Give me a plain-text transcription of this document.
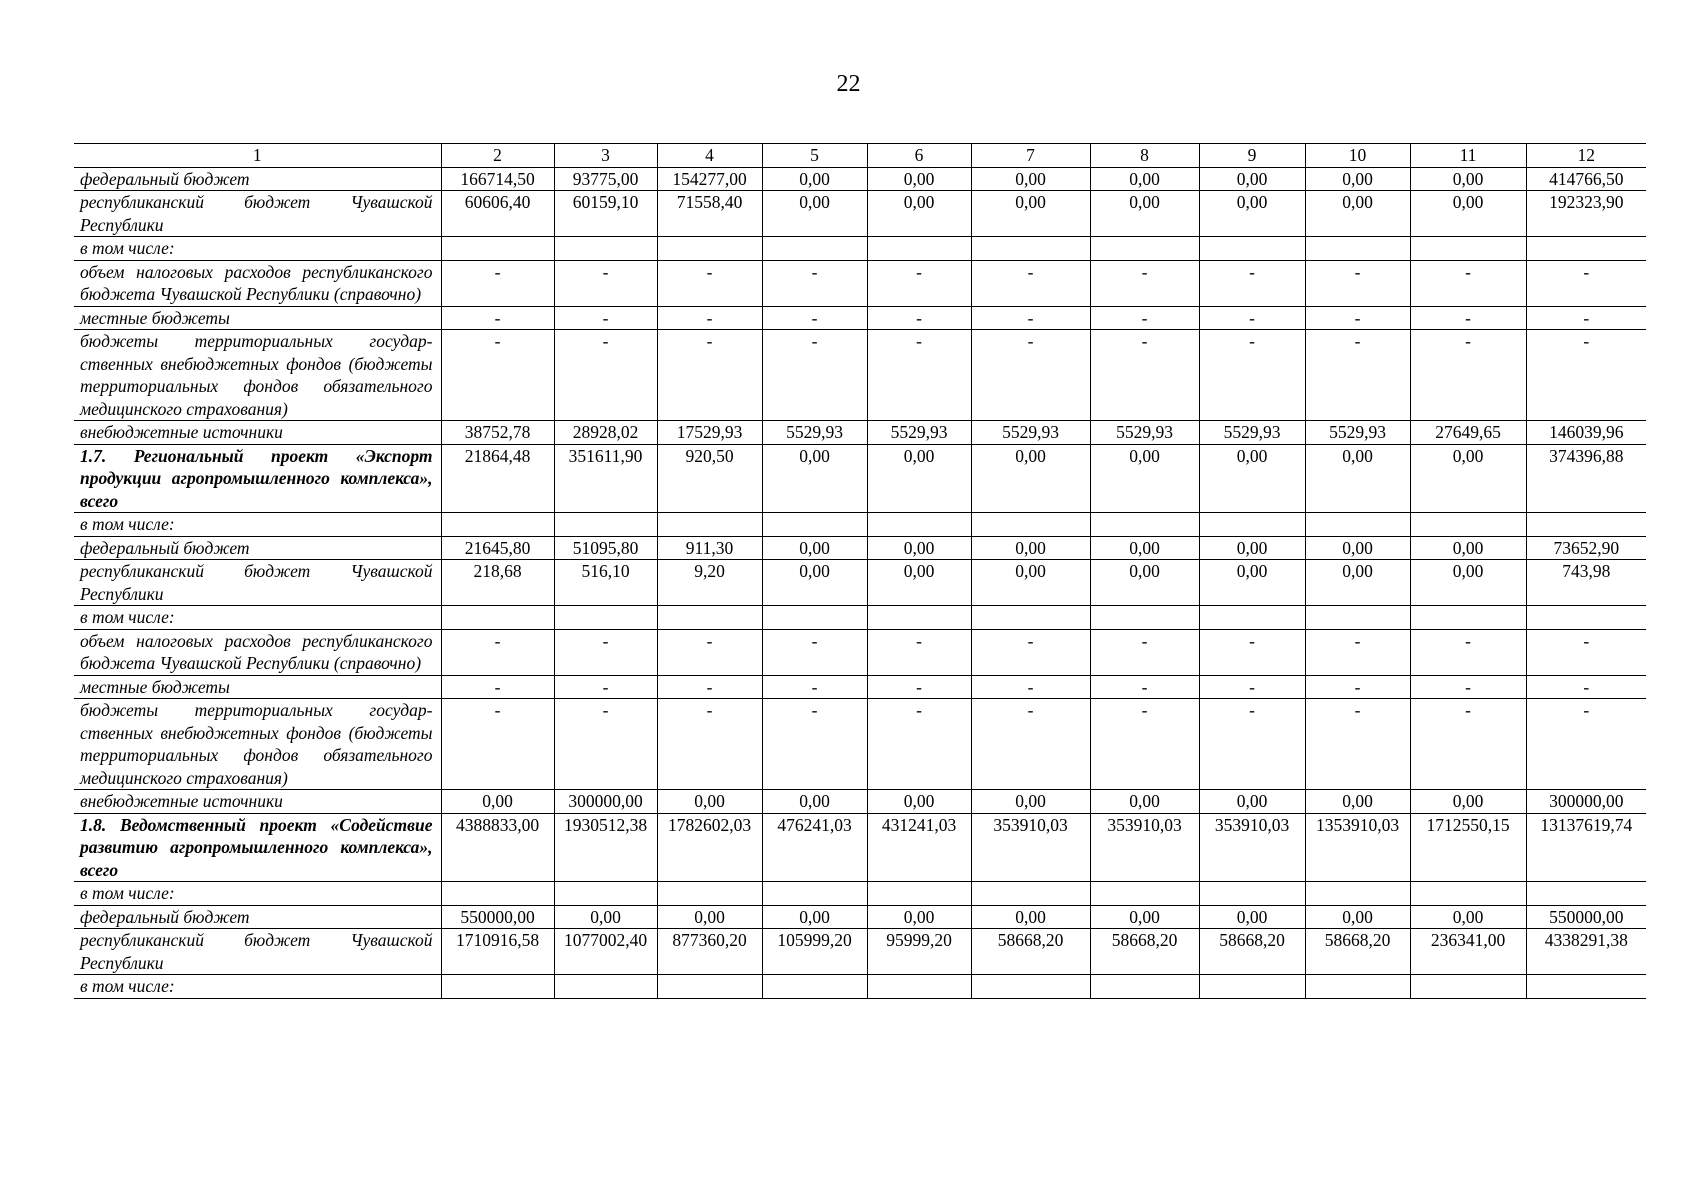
22
1	2	3	4	5	6	7	8	9	10	11	12
федеральный бюджет	166714,50	93775,00	154277,00	0,00	0,00	0,00	0,00	0,00	0,00	0,00	414766,50
республиканский бюджет Чувашской Республики	60606,40	60159,10	71558,40	0,00	0,00	0,00	0,00	0,00	0,00	0,00	192323,90
в том числе:											
объем налоговых расходов республиканского бюджета Чувашской Республики (справочно)	-	-	-	-	-	-	-	-	-	-	-
местные бюджеты	-	-	-	-	-	-	-	-	-	-	-
бюджеты территориальных государственных внебюджетных фондов (бюджеты территориальных фондов обязательного медицинского страхования)	-	-	-	-	-	-	-	-	-	-	-
внебюджетные источники	38752,78	28928,02	17529,93	5529,93	5529,93	5529,93	5529,93	5529,93	5529,93	27649,65	146039,96
1.7. Региональный проект «Экспорт продукции агропромышленного комплекса», всего	21864,48	351611,90	920,50	0,00	0,00	0,00	0,00	0,00	0,00	0,00	374396,88
в том числе:											
федеральный бюджет	21645,80	51095,80	911,30	0,00	0,00	0,00	0,00	0,00	0,00	0,00	73652,90
республиканский бюджет Чувашской Республики	218,68	516,10	9,20	0,00	0,00	0,00	0,00	0,00	0,00	0,00	743,98
в том числе:											
объем налоговых расходов республиканского бюджета Чувашской Республики (справочно)	-	-	-	-	-	-	-	-	-	-	-
местные бюджеты	-	-	-	-	-	-	-	-	-	-	-
бюджеты территориальных государственных внебюджетных фондов (бюджеты территориальных фондов обязательного медицинского страхования)	-	-	-	-	-	-	-	-	-	-	-
внебюджетные источники	0,00	300000,00	0,00	0,00	0,00	0,00	0,00	0,00	0,00	0,00	300000,00
1.8. Ведомственный проект «Содействие развитию агропромышленного комплекса», всего	4388833,00	1930512,38	1782602,03	476241,03	431241,03	353910,03	353910,03	353910,03	1353910,03	1712550,15	13137619,74
в том числе:											
федеральный бюджет	550000,00	0,00	0,00	0,00	0,00	0,00	0,00	0,00	0,00	0,00	550000,00
республиканский бюджет Чувашской Республики	1710916,58	1077002,40	877360,20	105999,20	95999,20	58668,20	58668,20	58668,20	58668,20	236341,00	4338291,38
в том числе:											
